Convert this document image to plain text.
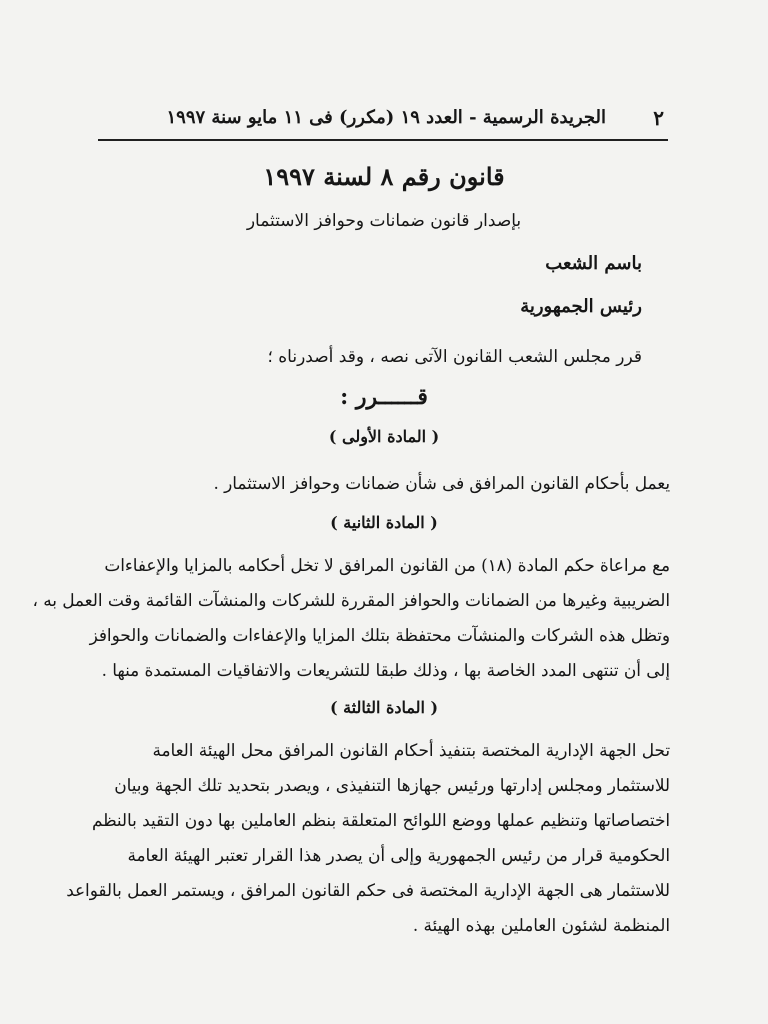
٢
الجريدة الرسمية - العدد ١٩ (مكرر) فى ١١ مايو سنة ١٩٩٧
قانون رقم ٨ لسنة ١٩٩٧
بإصدار قانون ضمانات وحوافز الاستثمار
باسم الشعب
رئيس الجمهورية
قرر مجلس الشعب القانون الآتى نصه ، وقد أصدرناه ؛
قــــــرر :
( المادة الأولى )
يعمل بأحكام القانون المرافق فى شأن ضمانات وحوافز الاستثمار .
( المادة الثانية )
مع مراعاة حكم المادة (١٨) من القانون المرافق لا تخل أحكامه بالمزايا والإعفاءات
الضريبية وغيرها من الضمانات والحوافز المقررة للشركات والمنشآت القائمة وقت العمل به ،
وتظل هذه الشركات والمنشآت محتفظة بتلك المزايا والإعفاءات والضمانات والحوافز
إلى أن تنتهى المدد الخاصة بها ، وذلك طبقا للتشريعات والاتفاقيات المستمدة منها .
( المادة الثالثة )
تحل الجهة الإدارية المختصة بتنفيذ أحكام القانون المرافق محل الهيئة العامة
للاستثمار ومجلس إدارتها ورئيس جهازها التنفيذى ، ويصدر بتحديد تلك الجهة وبيان
اختصاصاتها وتنظيم عملها ووضع اللوائح المتعلقة بنظم العاملين بها دون التقيد بالنظم
الحكومية قرار من رئيس الجمهورية وإلى أن يصدر هذا القرار تعتبر الهيئة العامة
للاستثمار هى الجهة الإدارية المختصة فى حكم القانون المرافق ، ويستمر العمل بالقواعد
المنظمة لشئون العاملين بهذه الهيئة .
